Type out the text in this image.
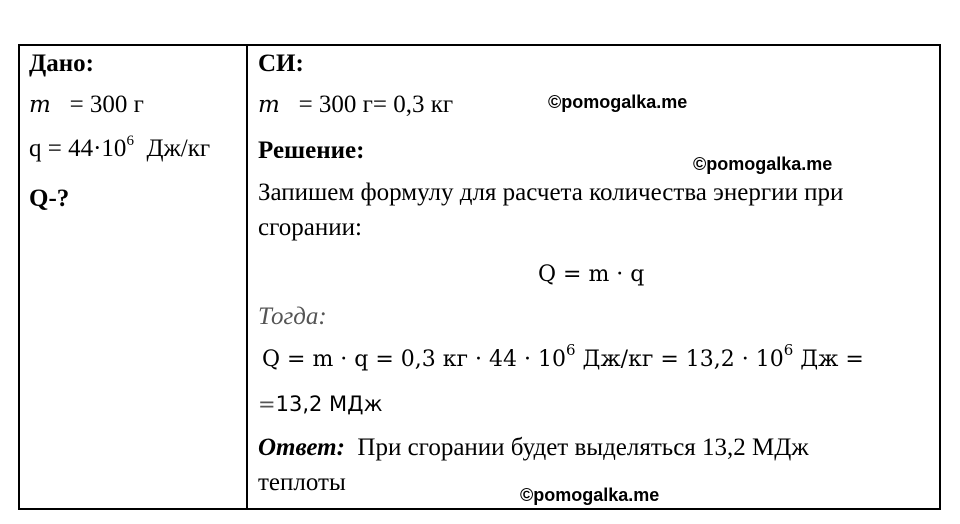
Дано:
m = 300 г
$q = 44\cdot 10^6$ Дж/кг
Q-?
СИ:
m = 300 г= 0,3 кг
Решение:
Запишем формулу для расчета количества энергии при
сгорании:
Q = m · q
Тогда:
Q = m · q = 0,3 кг · $44 \cdot 10^6$ $Дж/кг = 13,2 \cdot 10^6$ Дж =
=13,2 МДж
Ответ: При сгорании будет выделяться 13,2 МДж
теплоты
©pomogalka.me
©pomogalka.me
©pomogalka.me
